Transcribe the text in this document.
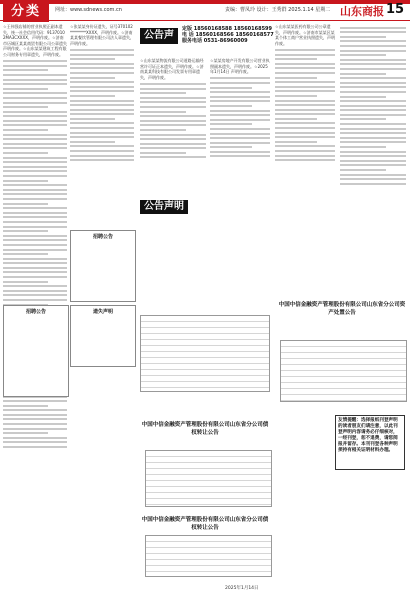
分类	网址：www.sdnews.com.cn	责编：曹凤玲 设计：王秀群 2025.1.14 星期二 山东商报 15
☆王伟强店铺的营业执照正副本遗失，统一社会信用代码：91370102MA3CXXXX，声明作废。☆济南市历城区某某商贸有限公司公章遗失声明作废。☆山东某某建筑工程有限公司财务专用章遗失，声明作废。
☆张某某身份证遗失，证号370102********XXXX，声明作废。☆济南某某餐饮管理有限公司法人章遗失，声明作废。
公告声明
定版 18560168588 18560168599
电 话 18560168566 18560168577
服务电话 0531-86960009
☆山东某某物流有限公司道路运输经营许可证正本遗失，声明作废。☆济南某某科技有限公司发票专用章遗失，声明作废。
☆某某房地产开发有限公司营业执照副本遗失，声明作废。☆2025年1月14日 声明作废。
☆山东某某医药有限公司公章遗失，声明作废。☆济南市某某区某某个体工商户营业执照遗失，声明作废。
招聘公告
遗失声明
招聘公告
公告声明
中国中信金融资产管理股份有限公司山东省分公司资产处置公告
中国中信金融资产管理股份有限公司山东省分公司债权转让公告
中国中信金融资产管理股份有限公司山东省分公司债权转让公告
友情提醒：选择报纸刊登声明的读者朋友们请注意，以此刊登声明内容请务必仔细核对，一经刊登，恕不退费，请您阅报并留存。本刊刊登各种声明须持有相关证明材料办理。
2025年1月14日
